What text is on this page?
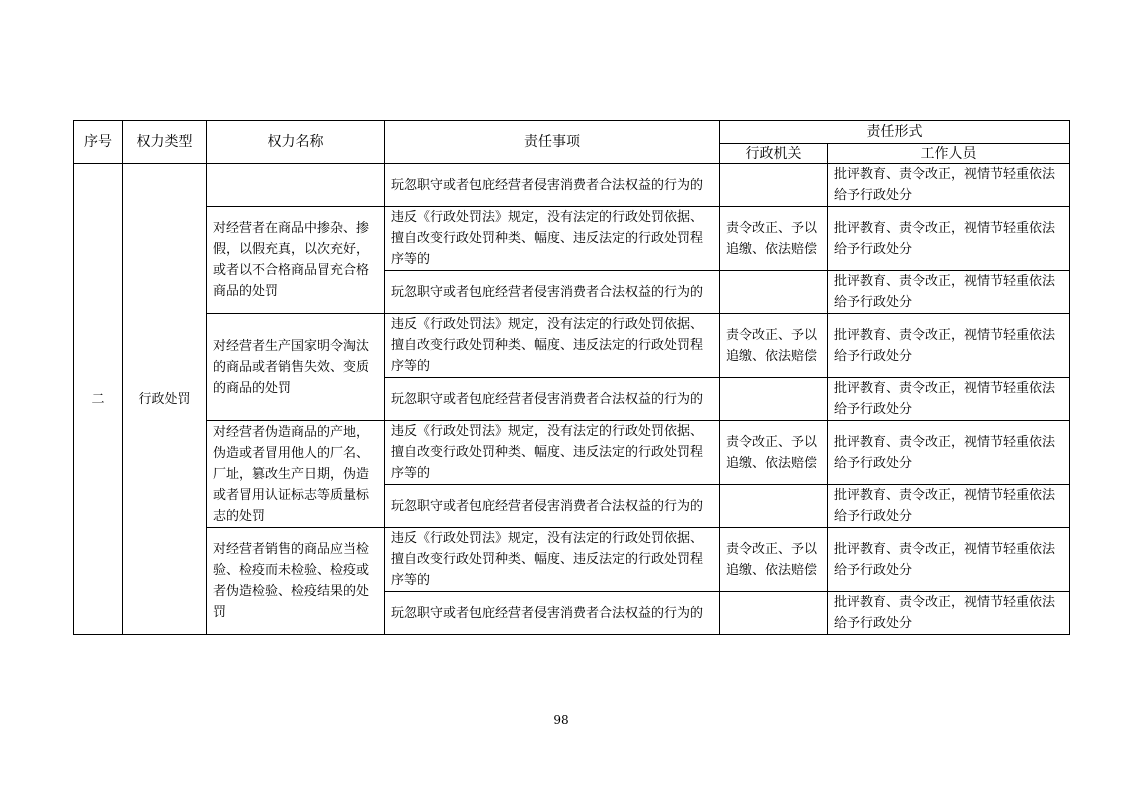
序号	权力类型	权力名称	责任事项	责任形式	
				行政机关	工作人员
二	行政处罚		玩忽职守或者包庇经营者侵害消费者合法权益的行为的		批评教育、责令改正，视情节轻重依法给予行政处分
		对经营者在商品中掺杂、掺假，以假充真，以次充好，或者以不合格商品冒充合格商品的处罚	违反《行政处罚法》规定，没有法定的行政处罚依据、擅自改变行政处罚种类、幅度、违反法定的行政处罚程序等的	责令改正、予以追缴、依法赔偿	批评教育、责令改正，视情节轻重依法给予行政处分
			玩忽职守或者包庇经营者侵害消费者合法权益的行为的		批评教育、责令改正，视情节轻重依法给予行政处分
		对经营者生产国家明令淘汰的商品或者销售失效、变质的商品的处罚	违反《行政处罚法》规定，没有法定的行政处罚依据、擅自改变行政处罚种类、幅度、违反法定的行政处罚程序等的	责令改正、予以追缴、依法赔偿	批评教育、责令改正，视情节轻重依法给予行政处分
			玩忽职守或者包庇经营者侵害消费者合法权益的行为的		批评教育、责令改正，视情节轻重依法给予行政处分
		对经营者伪造商品的产地，伪造或者冒用他人的厂名、厂址，篡改生产日期，伪造或者冒用认证标志等质量标志的处罚	违反《行政处罚法》规定，没有法定的行政处罚依据、擅自改变行政处罚种类、幅度、违反法定的行政处罚程序等的	责令改正、予以追缴、依法赔偿	批评教育、责令改正，视情节轻重依法给予行政处分
			玩忽职守或者包庇经营者侵害消费者合法权益的行为的		批评教育、责令改正，视情节轻重依法给予行政处分
		对经营者销售的商品应当检验、检疫而未检验、检疫或者伪造检验、检疫结果的处罚	违反《行政处罚法》规定，没有法定的行政处罚依据、擅自改变行政处罚种类、幅度、违反法定的行政处罚程序等的	责令改正、予以追缴、依法赔偿	批评教育、责令改正，视情节轻重依法给予行政处分
			玩忽职守或者包庇经营者侵害消费者合法权益的行为的		批评教育、责令改正，视情节轻重依法给予行政处分
98
